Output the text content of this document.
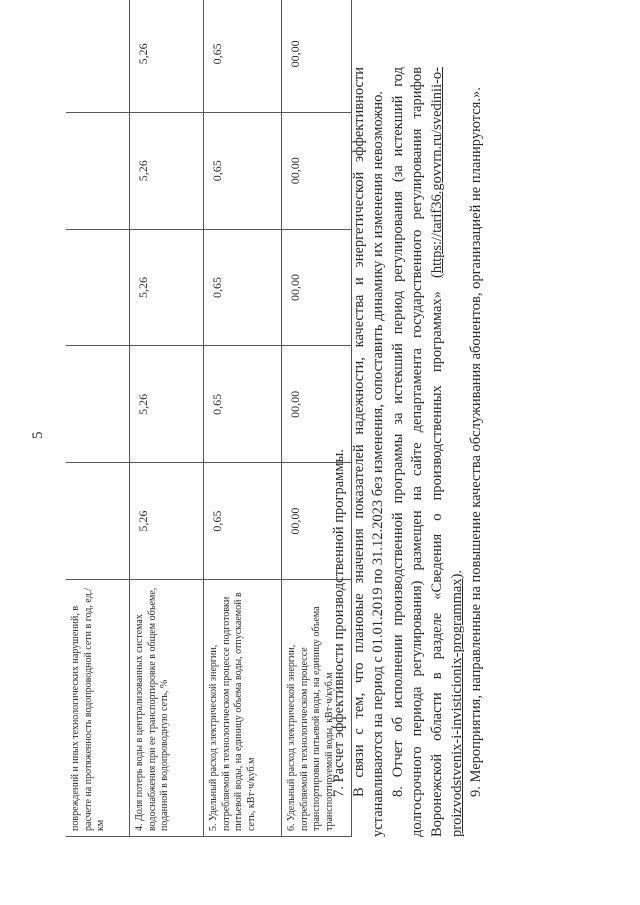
5
повреждений и иных технологических нарушений, в расчете на протяженность водопроводной сети в год, ед./км					
4. Доля потерь воды в централизованных системах водоснабжения при ее транспортировке в общем объеме, поданной в водопроводную сеть, %	5,26	5,26	5,26	5,26	5,26
5. Удельный расход электрической энергии, потребляемой в технологическом процессе подготовки питьевой воды, на единицу объема воды, отпускаемой в сеть, кВт·ч/куб.м	0,65	0,65	0,65	0,65	0,65
6. Удельный расход электрической энергии, потребляемой в технологическом процессе транспортировки питьевой воды, на единицу объема транспортируемой воды, кВт·ч/куб.м	00,00	00,00	00,00	00,00	00,00

7. Расчет эффективности производственной программы. В связи с тем, что плановые значения показателей надежности, качества и энергетической эффективности устанавливаются на период с 01.01.2019 по 31.12.2023 без изменения, сопоставить динамику их изменения невозможно. 8. Отчет об исполнении производственной программы за истекший период регулирования (за истекший год долгосрочного периода регулирования) размещен на сайте департамента государственного регулирования тарифов Воронежской области в разделе «Сведения о производственных программах» (https://tarif36.govvrn.ru/svedinii-o-proizvodstvenix-i-invisticionix-programmax). 9. Мероприятия, направленные на повышение качества обслуживания абонентов, организацией не планируются.».
